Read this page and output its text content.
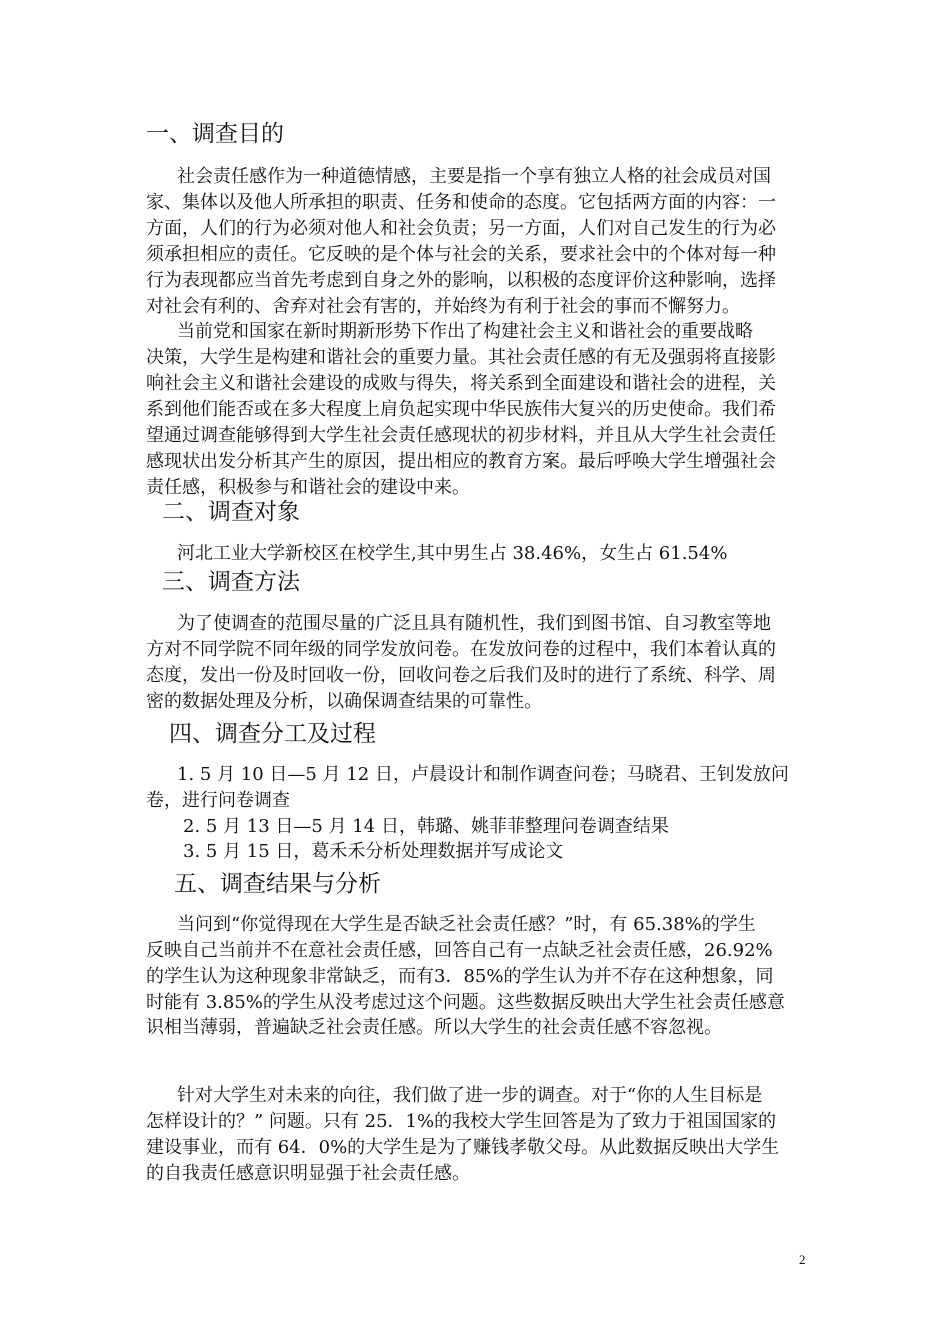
一、调查目的
社会责任感作为一种道德情感，主要是指一个享有独立人格的社会成员对国
家、集体以及他人所承担的职责、任务和使命的态度。它包括两方面的内容：一
方面，人们的行为必须对他人和社会负责；另一方面，人们对自己发生的行为必
须承担相应的责任。它反映的是个体与社会的关系，要求社会中的个体对每一种
行为表现都应当首先考虑到自身之外的影响，以积极的态度评价这种影响，选择
对社会有利的、舍弃对社会有害的，并始终为有利于社会的事而不懈努力。
当前党和国家在新时期新形势下作出了构建社会主义和谐社会的重要战略
决策，大学生是构建和谐社会的重要力量。其社会责任感的有无及强弱将直接影
响社会主义和谐社会建设的成败与得失，将关系到全面建设和谐社会的进程，关
系到他们能否或在多大程度上肩负起实现中华民族伟大复兴的历史使命。我们希
望通过调查能够得到大学生社会责任感现状的初步材料，并且从大学生社会责任
感现状出发分析其产生的原因，提出相应的教育方案。最后呼唤大学生增强社会
责任感，积极参与和谐社会的建设中来。
二、调查对象
河北工业大学新校区在校学生,其中男生占 38.46%，女生占 61.54%
三、调查方法
为了使调查的范围尽量的广泛且具有随机性，我们到图书馆、自习教室等地
方对不同学院不同年级的同学发放问卷。在发放问卷的过程中，我们本着认真的
态度，发出一份及时回收一份，回收问卷之后我们及时的进行了系统、科学、周
密的数据处理及分析，以确保调查结果的可靠性。
四、调查分工及过程
1. 5 月 10 日—5 月 12 日，卢晨设计和制作调查问卷；马晓君、王钊发放问
卷，进行问卷调查
2. 5 月 13 日—5 月 14 日，韩璐、姚菲菲整理问卷调查结果
3. 5 月 15 日，葛禾禾分析处理数据并写成论文
五、调查结果与分析
当问到“你觉得现在大学生是否缺乏社会责任感？”时，有 65.38%的学生
反映自己当前并不在意社会责任感，回答自己有一点缺乏社会责任感，26.92%
的学生认为这种现象非常缺乏，而有3．85%的学生认为并不存在这种想象，同
时能有 3.85%的学生从没考虑过这个问题。这些数据反映出大学生社会责任感意
识相当薄弱，普遍缺乏社会责任感。所以大学生的社会责任感不容忽视。
针对大学生对未来的向往，我们做了进一步的调查。对于“你的人生目标是
怎样设计的？” 问题。只有 25．1%的我校大学生回答是为了致力于祖国国家的
建设事业，而有 64．0%的大学生是为了赚钱孝敬父母。从此数据反映出大学生
的自我责任感意识明显强于社会责任感。
2
